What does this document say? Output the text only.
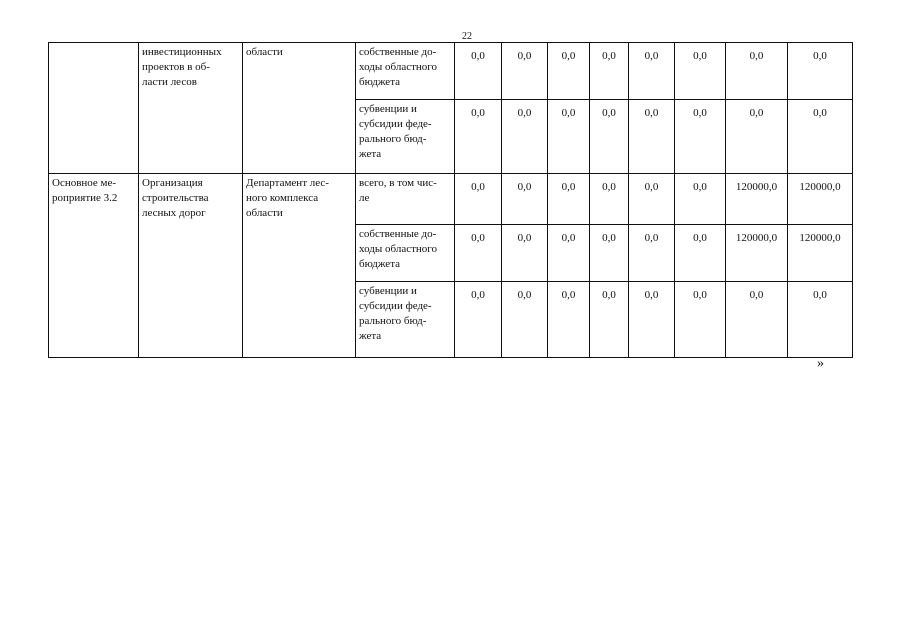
22
	инвестиционных
проектов в об-
ласти лесов	области	собственные до-
ходы областного
бюджета	0,0	0,0	0,0	0,0	0,0	0,0	0,0	0,0
			субвенции и
субсидии феде-
рального бюд-
жета	0,0	0,0	0,0	0,0	0,0	0,0	0,0	0,0
Основное ме-
роприятие 3.2	Организация
строительства
лесных дорог	Департамент лес-
ного комплекса
области	всего, в том чис-
ле	0,0	0,0	0,0	0,0	0,0	0,0	120000,0	120000,0
			собственные до-
ходы областного
бюджета	0,0	0,0	0,0	0,0	0,0	0,0	120000,0	120000,0
			субвенции и
субсидии феде-
рального бюд-
жета	0,0	0,0	0,0	0,0	0,0	0,0	0,0	0,0
»
